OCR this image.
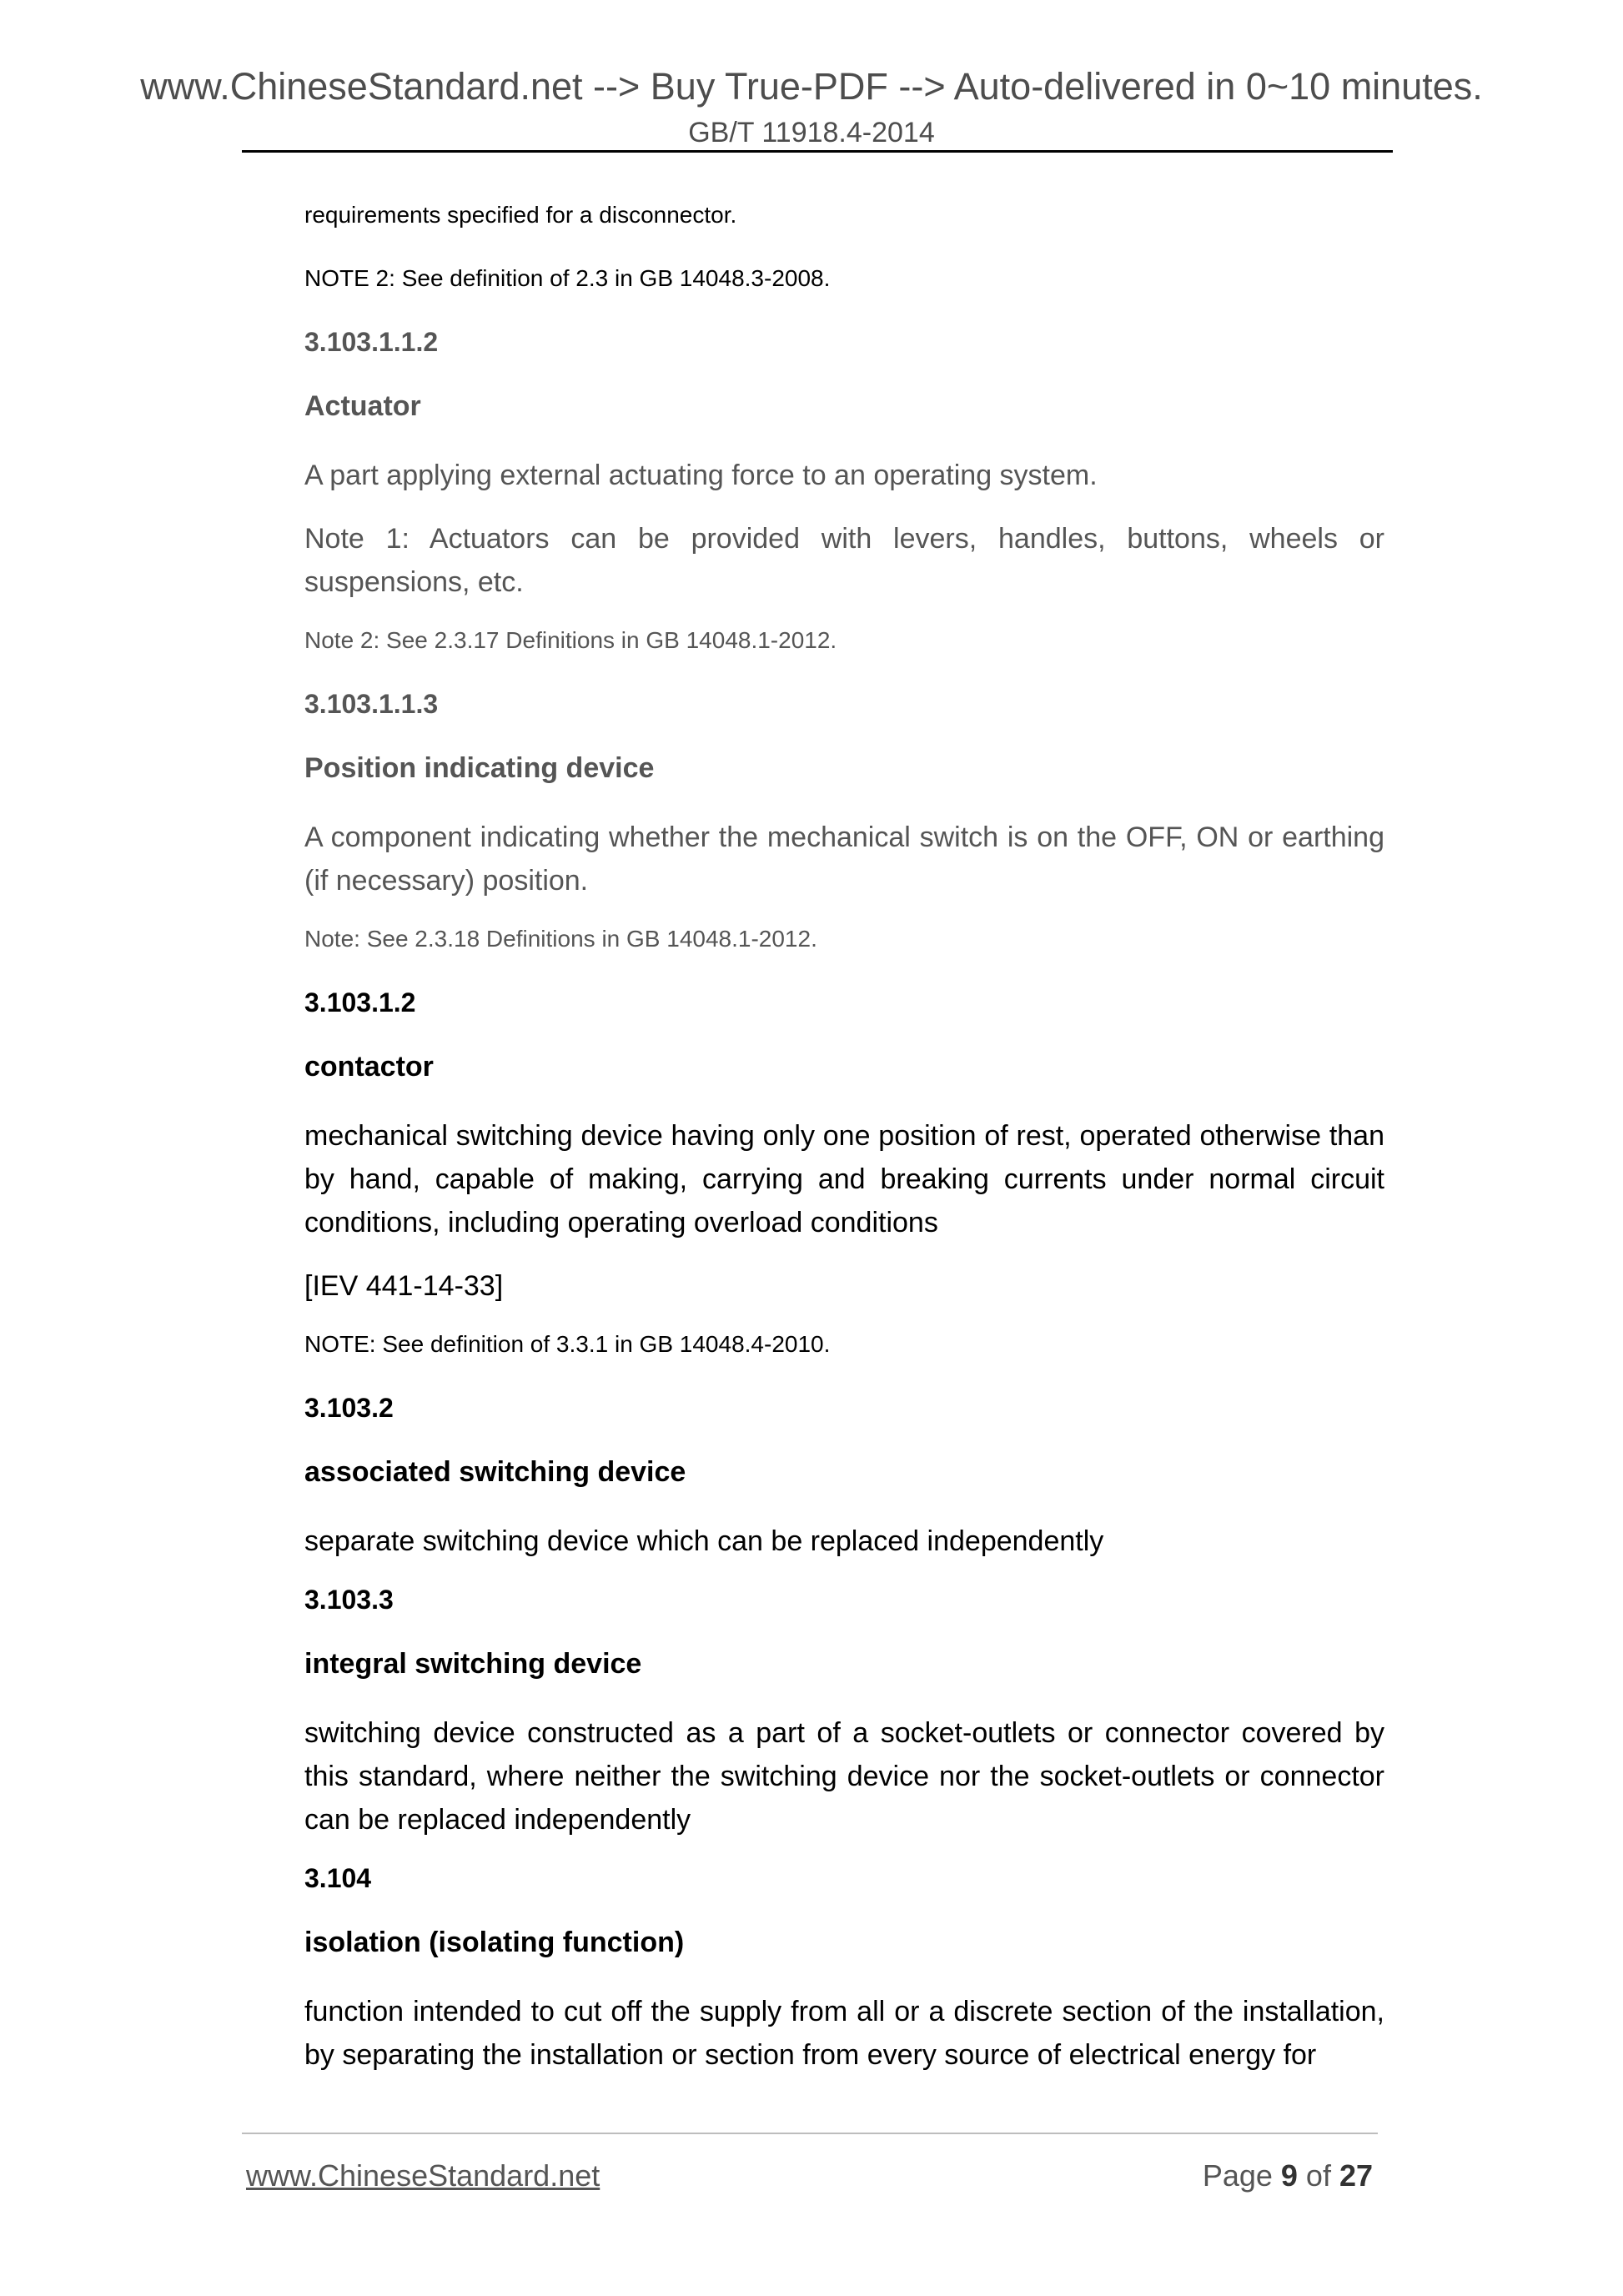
www.ChineseStandard.net --> Buy True-PDF --> Auto-delivered in 0~10 minutes.
GB/T 11918.4-2014

requirements specified for a disconnector.

NOTE 2: See definition of 2.3 in GB 14048.3-2008.

3.103.1.1.2
Actuator

A part applying external actuating force to an operating system.

Note 1: Actuators can be provided with levers, handles, buttons, wheels or suspensions, etc.

Note 2: See 2.3.17 Definitions in GB 14048.1-2012.

3.103.1.1.3
Position indicating device

A component indicating whether the mechanical switch is on the OFF, ON or earthing (if necessary) position.

Note: See 2.3.18 Definitions in GB 14048.1-2012.

3.103.1.2
contactor

mechanical switching device having only one position of rest, operated otherwise than by hand, capable of making, carrying and breaking currents under normal circuit conditions, including operating overload conditions

[IEV 441-14-33]

NOTE: See definition of 3.3.1 in GB 14048.4-2010.

3.103.2
associated switching device

separate switching device which can be replaced independently

3.103.3
integral switching device

switching device constructed as a part of a socket-outlets or connector covered by this standard, where neither the switching device nor the socket-outlets or connector can be replaced independently

3.104
isolation (isolating function)

function intended to cut off the supply from all or a discrete section of the installation, by separating the installation or section from every source of electrical energy for

www.ChineseStandard.net	Page 9 of 27
